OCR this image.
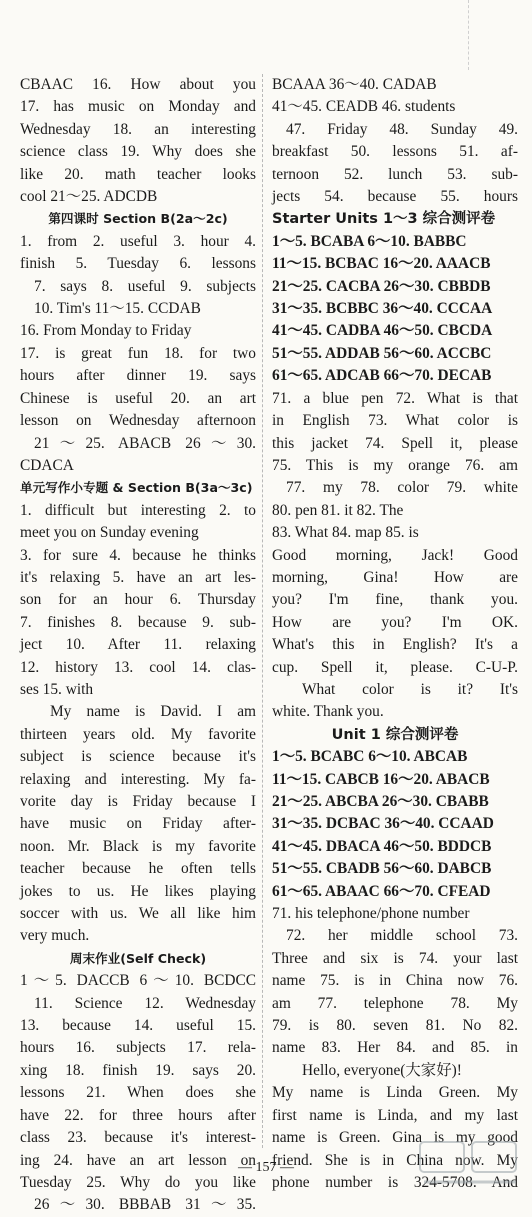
CBAAC 16. How about you
17. has music on Monday and
Wednesday 18. an interesting
science class 19. Why does she
like 20. math teacher looks
cool 21～25. ADCDB
第四课时 Section B(2a～2c)
1. from 2. useful 3. hour 4.
finish 5. Tuesday 6. lessons
7. says 8. useful 9. subjects
10. Tim's 11～15. CCDAB
16. From Monday to Friday
17. is great fun 18. for two
hours after dinner 19. says
Chinese is useful 20. an art
lesson on Wednesday afternoon
21～25. ABACB 26～30.
CDACA
单元写作小专题 & Section B(3a～3c)
1. difficult but interesting 2. to
meet you on Sunday evening
3. for sure 4. because he thinks
it's relaxing 5. have an art les-
son for an hour 6. Thursday
7. finishes 8. because 9. sub-
ject 10. After 11. relaxing
12. history 13. cool 14. clas-
ses 15. with
My name is David. I am
thirteen years old. My favorite
subject is science because it's
relaxing and interesting. My fa-
vorite day is Friday because I
have music on Friday after-
noon. Mr. Black is my favorite
teacher because he often tells
jokes to us. He likes playing
soccer with us. We all like him
very much.
周末作业(Self Check)
1～5. DACCB 6～10. BCDCC
11. Science 12. Wednesday
13. because 14. useful 15.
hours 16. subjects 17. rela-
xing 18. finish 19. says 20.
lessons 21. When does she
have 22. for three hours after
class 23. because it's interest-
ing 24. have an art lesson on
Tuesday 25. Why do you like
26～30. BBBAB 31～35.
BCAAA 36～40. CADAB
41～45. CEADB 46. students
47. Friday 48. Sunday 49.
breakfast 50. lessons 51. af-
ternoon 52. lunch 53. sub-
jects 54. because 55. hours
Starter Units 1～3 综合测评卷
1～5. BCABA 6～10. BABBC
11～15. BCBAC 16～20. AAACB
21～25. CACBA 26～30. CBBDB
31～35. BCBBC 36～40. CCCAA
41～45. CADBA 46～50. CBCDA
51～55. ADDAB 56～60. ACCBC
61～65. ADCAB 66～70. DECAB
71. a blue pen 72. What is that
in English 73. What color is
this jacket 74. Spell it, please
75. This is my orange 76. am
77. my 78. color 79. white
80. pen 81. it 82. The
83. What 84. map 85. is
Good morning, Jack! Good
morning, Gina! How are
you? I'm fine, thank you.
How are you? I'm OK.
What's this in English? It's a
cup. Spell it, please. C-U-P.
What color is it? It's
white. Thank you.
Unit 1 综合测评卷
1～5. BCABC 6～10. ABCAB
11～15. CABCB 16～20. ABACB
21～25. ABCBA 26～30. CBABB
31～35. DCBAC 36～40. CCAAD
41～45. DBACA 46～50. BDDCB
51～55. CBADB 56～60. DABCB
61～65. ABAAC 66～70. CFEAD
71. his telephone/phone number
72. her middle school 73.
Three and six is 74. your last
name 75. is in China now 76.
am 77. telephone 78. My
79. is 80. seven 81. No 82.
name 83. Her 84. and 85. in
Hello, everyone(大家好)!
My name is Linda Green. My
first name is Linda, and my last
name is Green. Gina is my good
friend. She is in China now. My
phone number is 324-5708. And
— 157 —
